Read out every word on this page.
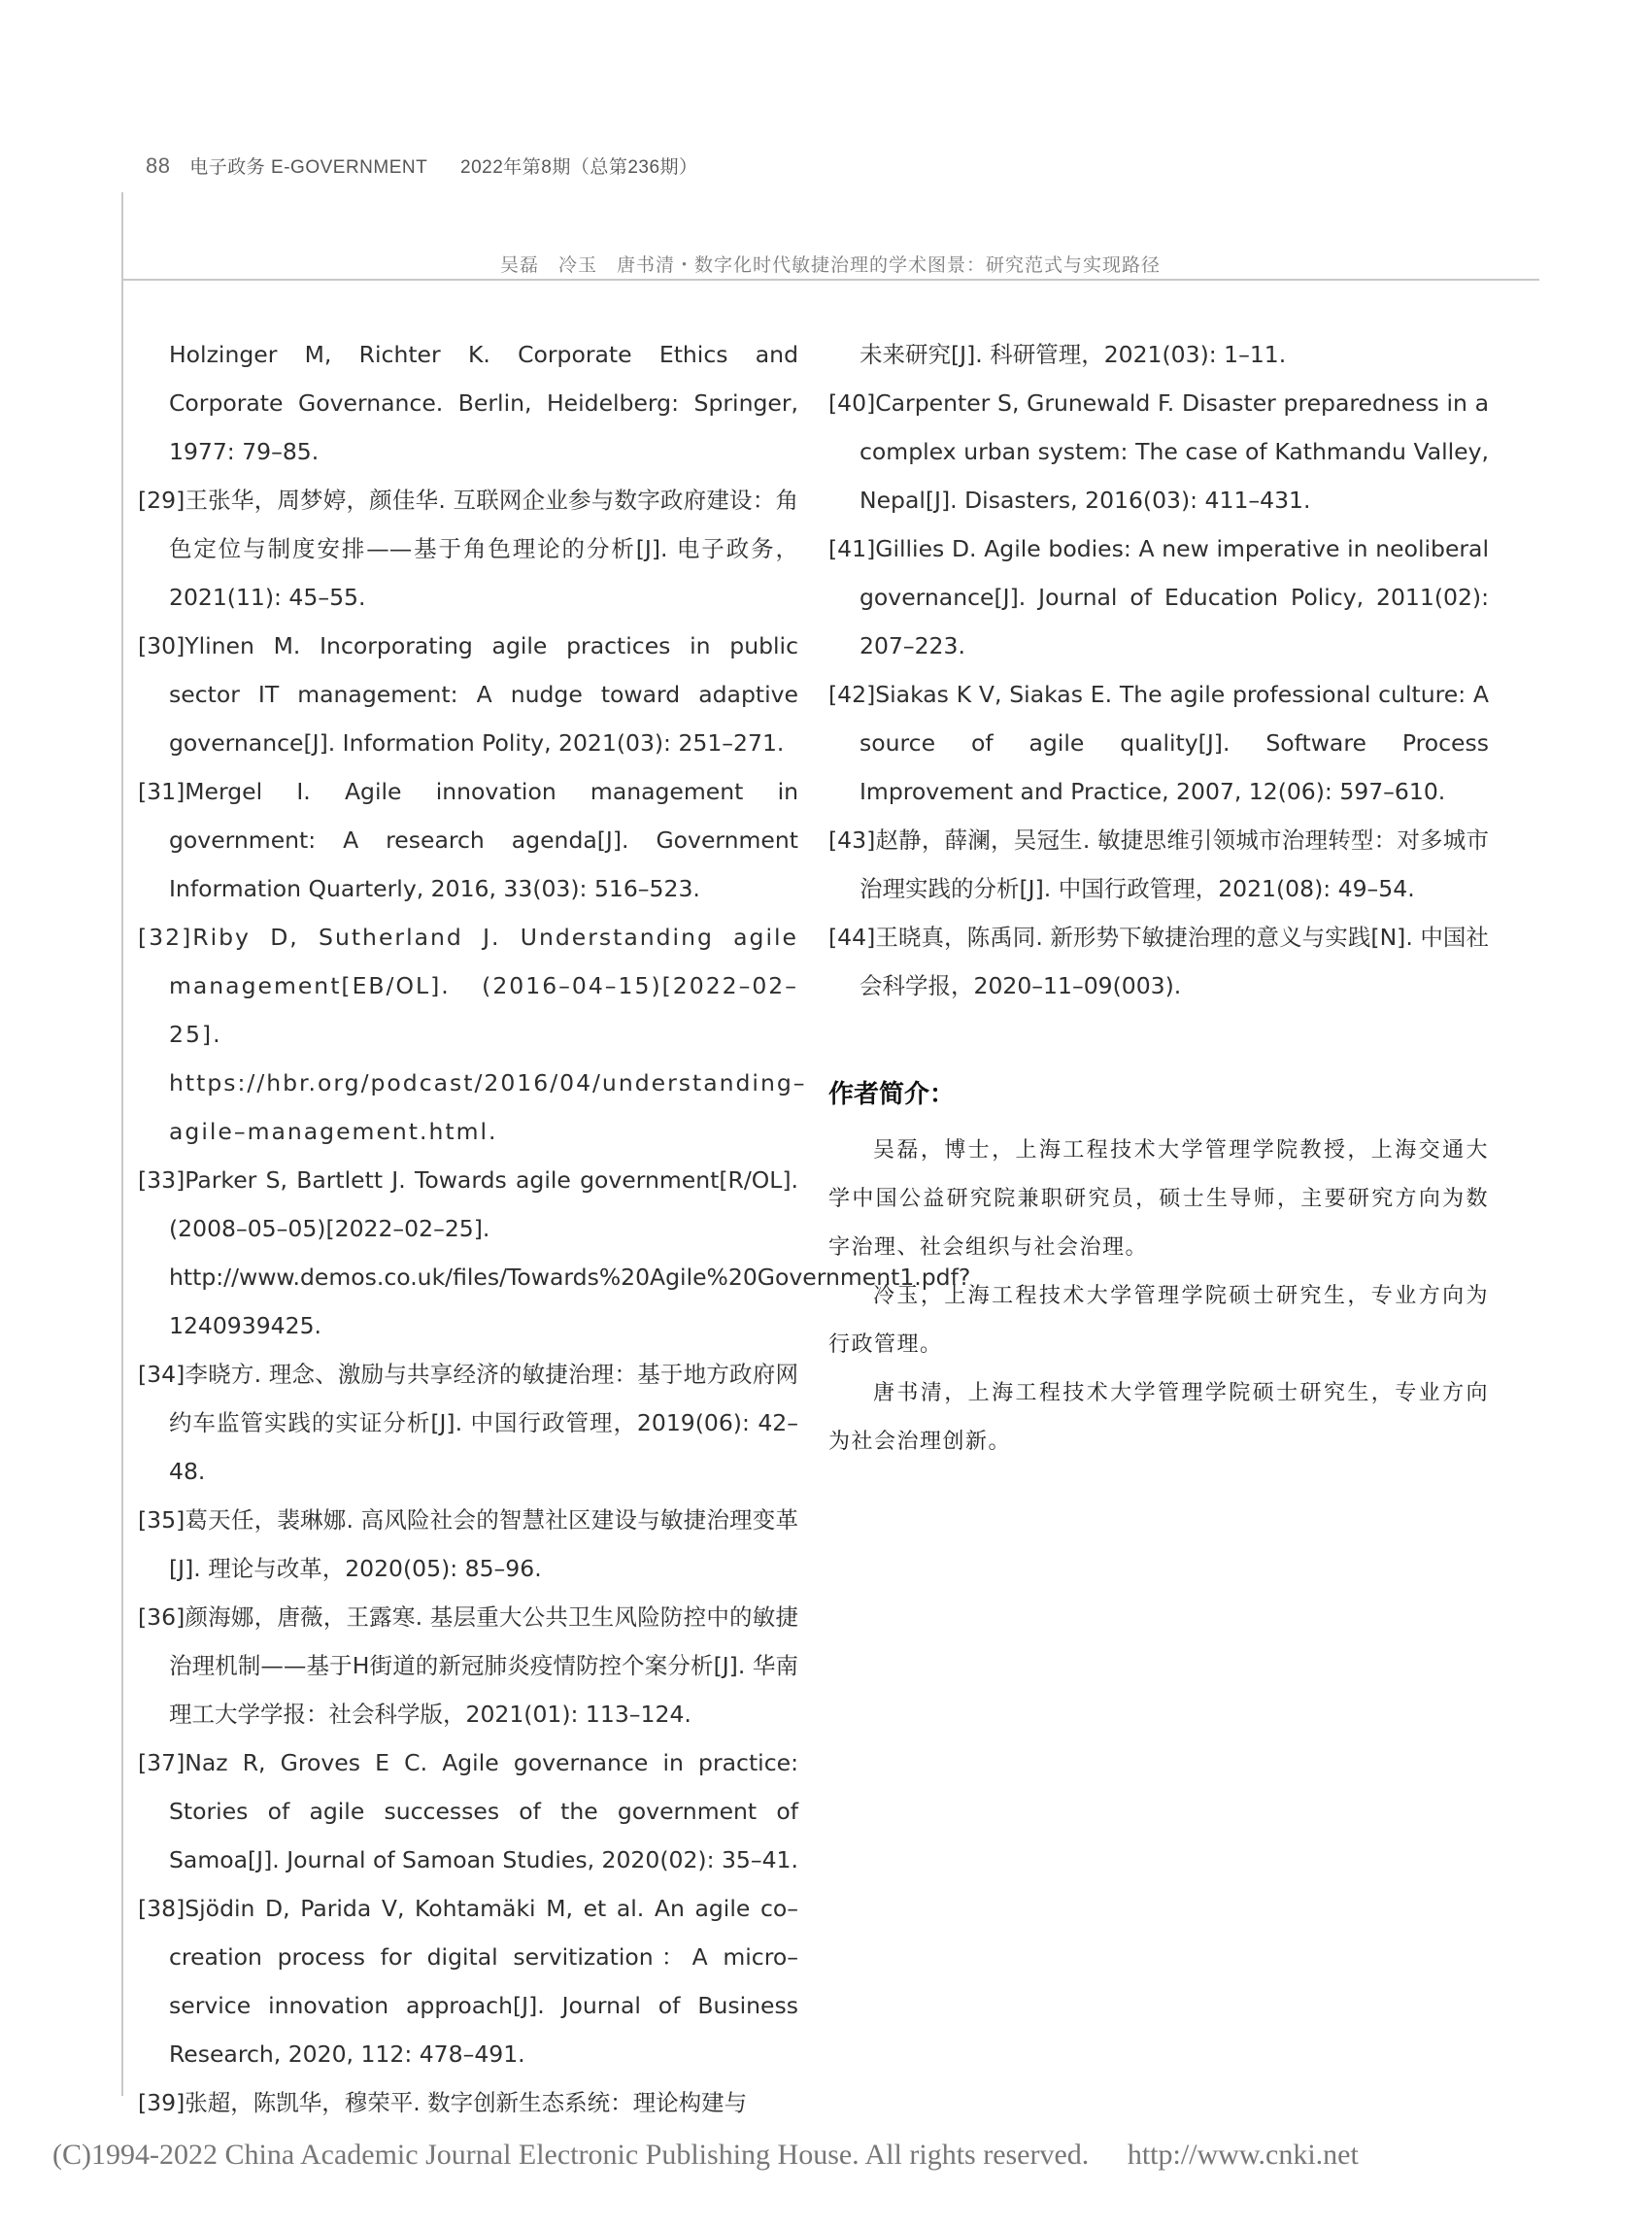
88 电子政务 E-GOVERNMENT 2022年第8期（总第236期）
吴磊　冷玉　唐书清・数字化时代敏捷治理的学术图景：研究范式与实现路径

Holzinger M, Richter K. Corporate Ethics and Corporate Governance. Berlin, Heidelberg: Springer, 1977: 79–85.

[29]王张华，周梦婷，颜佳华. 互联网企业参与数字政府建设：角色定位与制度安排——基于角色理论的分析[J]. 电子政务，2021(11): 45–55.

[30]Ylinen M. Incorporating agile practices in public sector IT management: A nudge toward adaptive governance[J]. Information Polity, 2021(03): 251–271.

[31]Mergel I. Agile innovation management in government: A research agenda[J]. Government Information Quarterly, 2016, 33(03): 516–523.

[32]Riby D, Sutherland J. Understanding agile management[EB/OL]. (2016–04–15)[2022–02–25]. https://hbr.org/podcast/2016/04/understanding–agile–management.html.

[33]Parker S, Bartlett J. Towards agile government[R/OL]. (2008–05–05)[2022–02–25]. http://www.demos.co.uk/files/Towards%20Agile%20Government1.pdf?1240939425.

[34]李晓方. 理念、激励与共享经济的敏捷治理：基于地方政府网约车监管实践的实证分析[J]. 中国行政管理，2019(06): 42–48.

[35]葛天任，裴琳娜. 高风险社会的智慧社区建设与敏捷治理变革[J]. 理论与改革，2020(05): 85–96.

[36]颜海娜，唐薇，王露寒. 基层重大公共卫生风险防控中的敏捷治理机制——基于H街道的新冠肺炎疫情防控个案分析[J]. 华南理工大学学报：社会科学版，2021(01): 113–124.

[37]Naz R, Groves E C. Agile governance in practice: Stories of agile successes of the government of Samoa[J]. Journal of Samoan Studies, 2020(02): 35–41.

[38]Sjödin D, Parida V, Kohtamäki M, et al. An agile co–creation process for digital servitization：A micro–service innovation approach[J]. Journal of Business Research, 2020, 112: 478–491.

[39]张超，陈凯华，穆荣平. 数字创新生态系统：理论构建与

未来研究[J]. 科研管理，2021(03): 1–11.

[40]Carpenter S, Grunewald F. Disaster preparedness in a complex urban system: The case of Kathmandu Valley, Nepal[J]. Disasters, 2016(03): 411–431.

[41]Gillies D. Agile bodies: A new imperative in neoliberal governance[J]. Journal of Education Policy, 2011(02): 207–223.

[42]Siakas K V, Siakas E. The agile professional culture: A source of agile quality[J]. Software Process Improvement and Practice, 2007, 12(06): 597–610.

[43]赵静，薛澜，吴冠生. 敏捷思维引领城市治理转型：对多城市治理实践的分析[J]. 中国行政管理，2021(08): 49–54.

[44]王晓真，陈禹同. 新形势下敏捷治理的意义与实践[N]. 中国社会科学报，2020–11–09(003).

作者简介：

吴磊，博士，上海工程技术大学管理学院教授，上海交通大学中国公益研究院兼职研究员，硕士生导师，主要研究方向为数字治理、社会组织与社会治理。

冷玉，上海工程技术大学管理学院硕士研究生，专业方向为行政管理。

唐书清，上海工程技术大学管理学院硕士研究生，专业方向为社会治理创新。

(C)1994-2022 China Academic Journal Electronic Publishing House. All rights reserved. http://www.cnki.net
